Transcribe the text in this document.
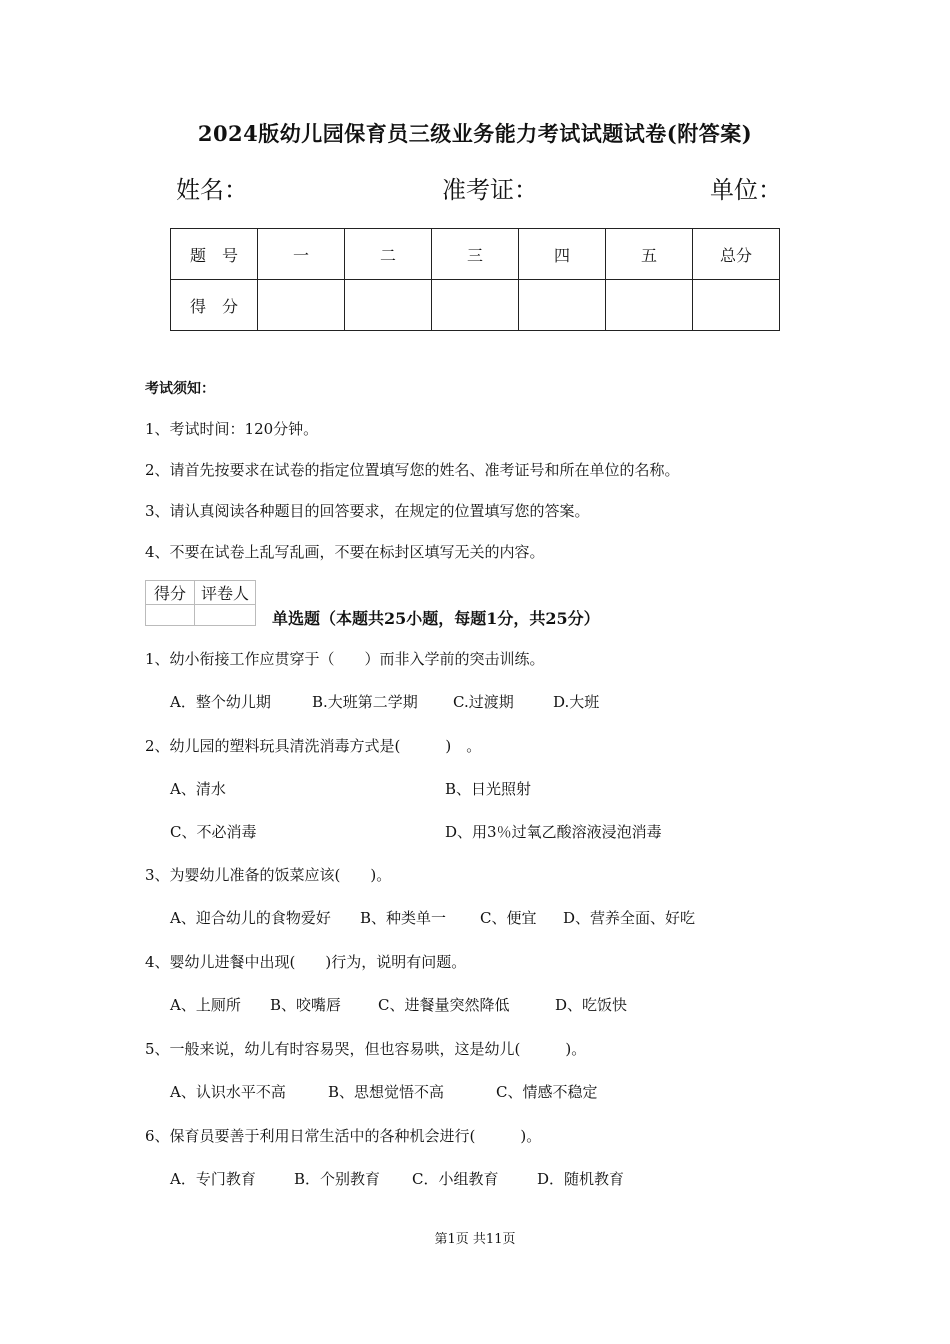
2024版幼儿园保育员三级业务能力考试试题试卷(附答案)
姓名：	准考证：	单位：
题　号	一	二	三	四	五	总分
得　分						
考试须知：
1、考试时间：120分钟。
2、请首先按要求在试卷的指定位置填写您的姓名、准考证号和所在单位的名称。
3、请认真阅读各种题目的回答要求，在规定的位置填写您的答案。
4、不要在试卷上乱写乱画，不要在标封区填写无关的内容。
得分	评卷人

单选题（本题共25小题，每题1分，共25分）
1、幼小衔接工作应贯穿于（　　）而非入学前的突击训练。
A．整个幼儿期	B.大班第二学期 C.过渡期	D.大班
2、幼儿园的塑料玩具清洗消毒方式是(　　　)　。
A、清水	B、日光照射
C、不必消毒	D、用3％过氧乙酸溶液浸泡消毒
3、为婴幼儿准备的饭菜应该(　　)。
A、迎合幼儿的食物爱好 B、种类单一 C、便宜 D、营养全面、好吃
4、婴幼儿进餐中出现(　　)行为，说明有问题。
A、上厕所 B、咬嘴唇 C、进餐量突然降低	D、吃饭快
5、一般来说，幼儿有时容易哭，但也容易哄，这是幼儿(　　　)。
A、认识水平不高	B、思想觉悟不高	C、情感不稳定
6、保育员要善于利用日常生活中的各种机会进行(　　　)。
A．专门教育	B．个别教育 C．小组教育	D．随机教育
第1页 共11页
